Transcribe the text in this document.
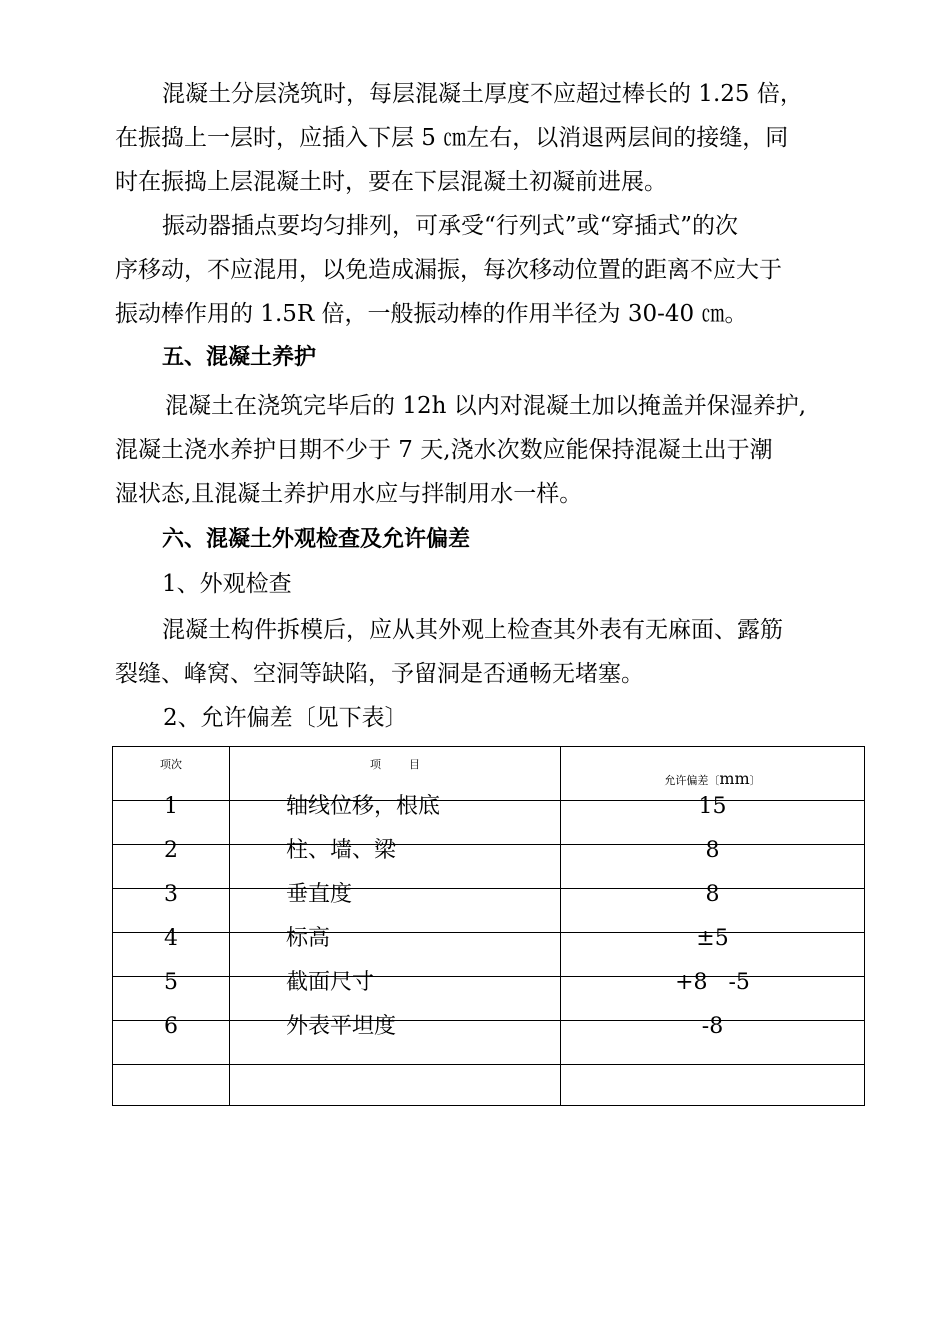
混凝土分层浇筑时，每层混凝土厚度不应超过棒长的 1.25 倍，
在振捣上一层时，应插入下层 5 ㎝左右，以消退两层间的接缝，同
时在振捣上层混凝土时，要在下层混凝土初凝前进展。
振动器插点要均匀排列，可承受“行列式”或“穿插式”的次
序移动，不应混用，以免造成漏振，每次移动位置的距离不应大于
振动棒作用的 1.5R 倍，一般振动棒的作用半径为 30-40 ㎝。
五、混凝土养护
混凝土在浇筑完毕后的 12h 以内对混凝土加以掩盖并保湿养护,
混凝土浇水养护日期不少于 7 天,浇水次数应能保持混凝土出于潮
湿状态,且混凝土养护用水应与拌制用水一样。
六、混凝土外观检查及允许偏差
1、外观检查
混凝土构件拆模后，应从其外观上检查其外表有无麻面、露筋
裂缝、峰窝、空洞等缺陷，予留洞是否通畅无堵塞。
2、允许偏差〔见下表〕
项次	项 目	允许偏差〔mm〕

1	轴线位移，根底	15

2	柱、墙、梁	8

3	垂直度	8

4	标高	±5

5	截面尺寸	+8   -5

6	外表平坦度	-8
